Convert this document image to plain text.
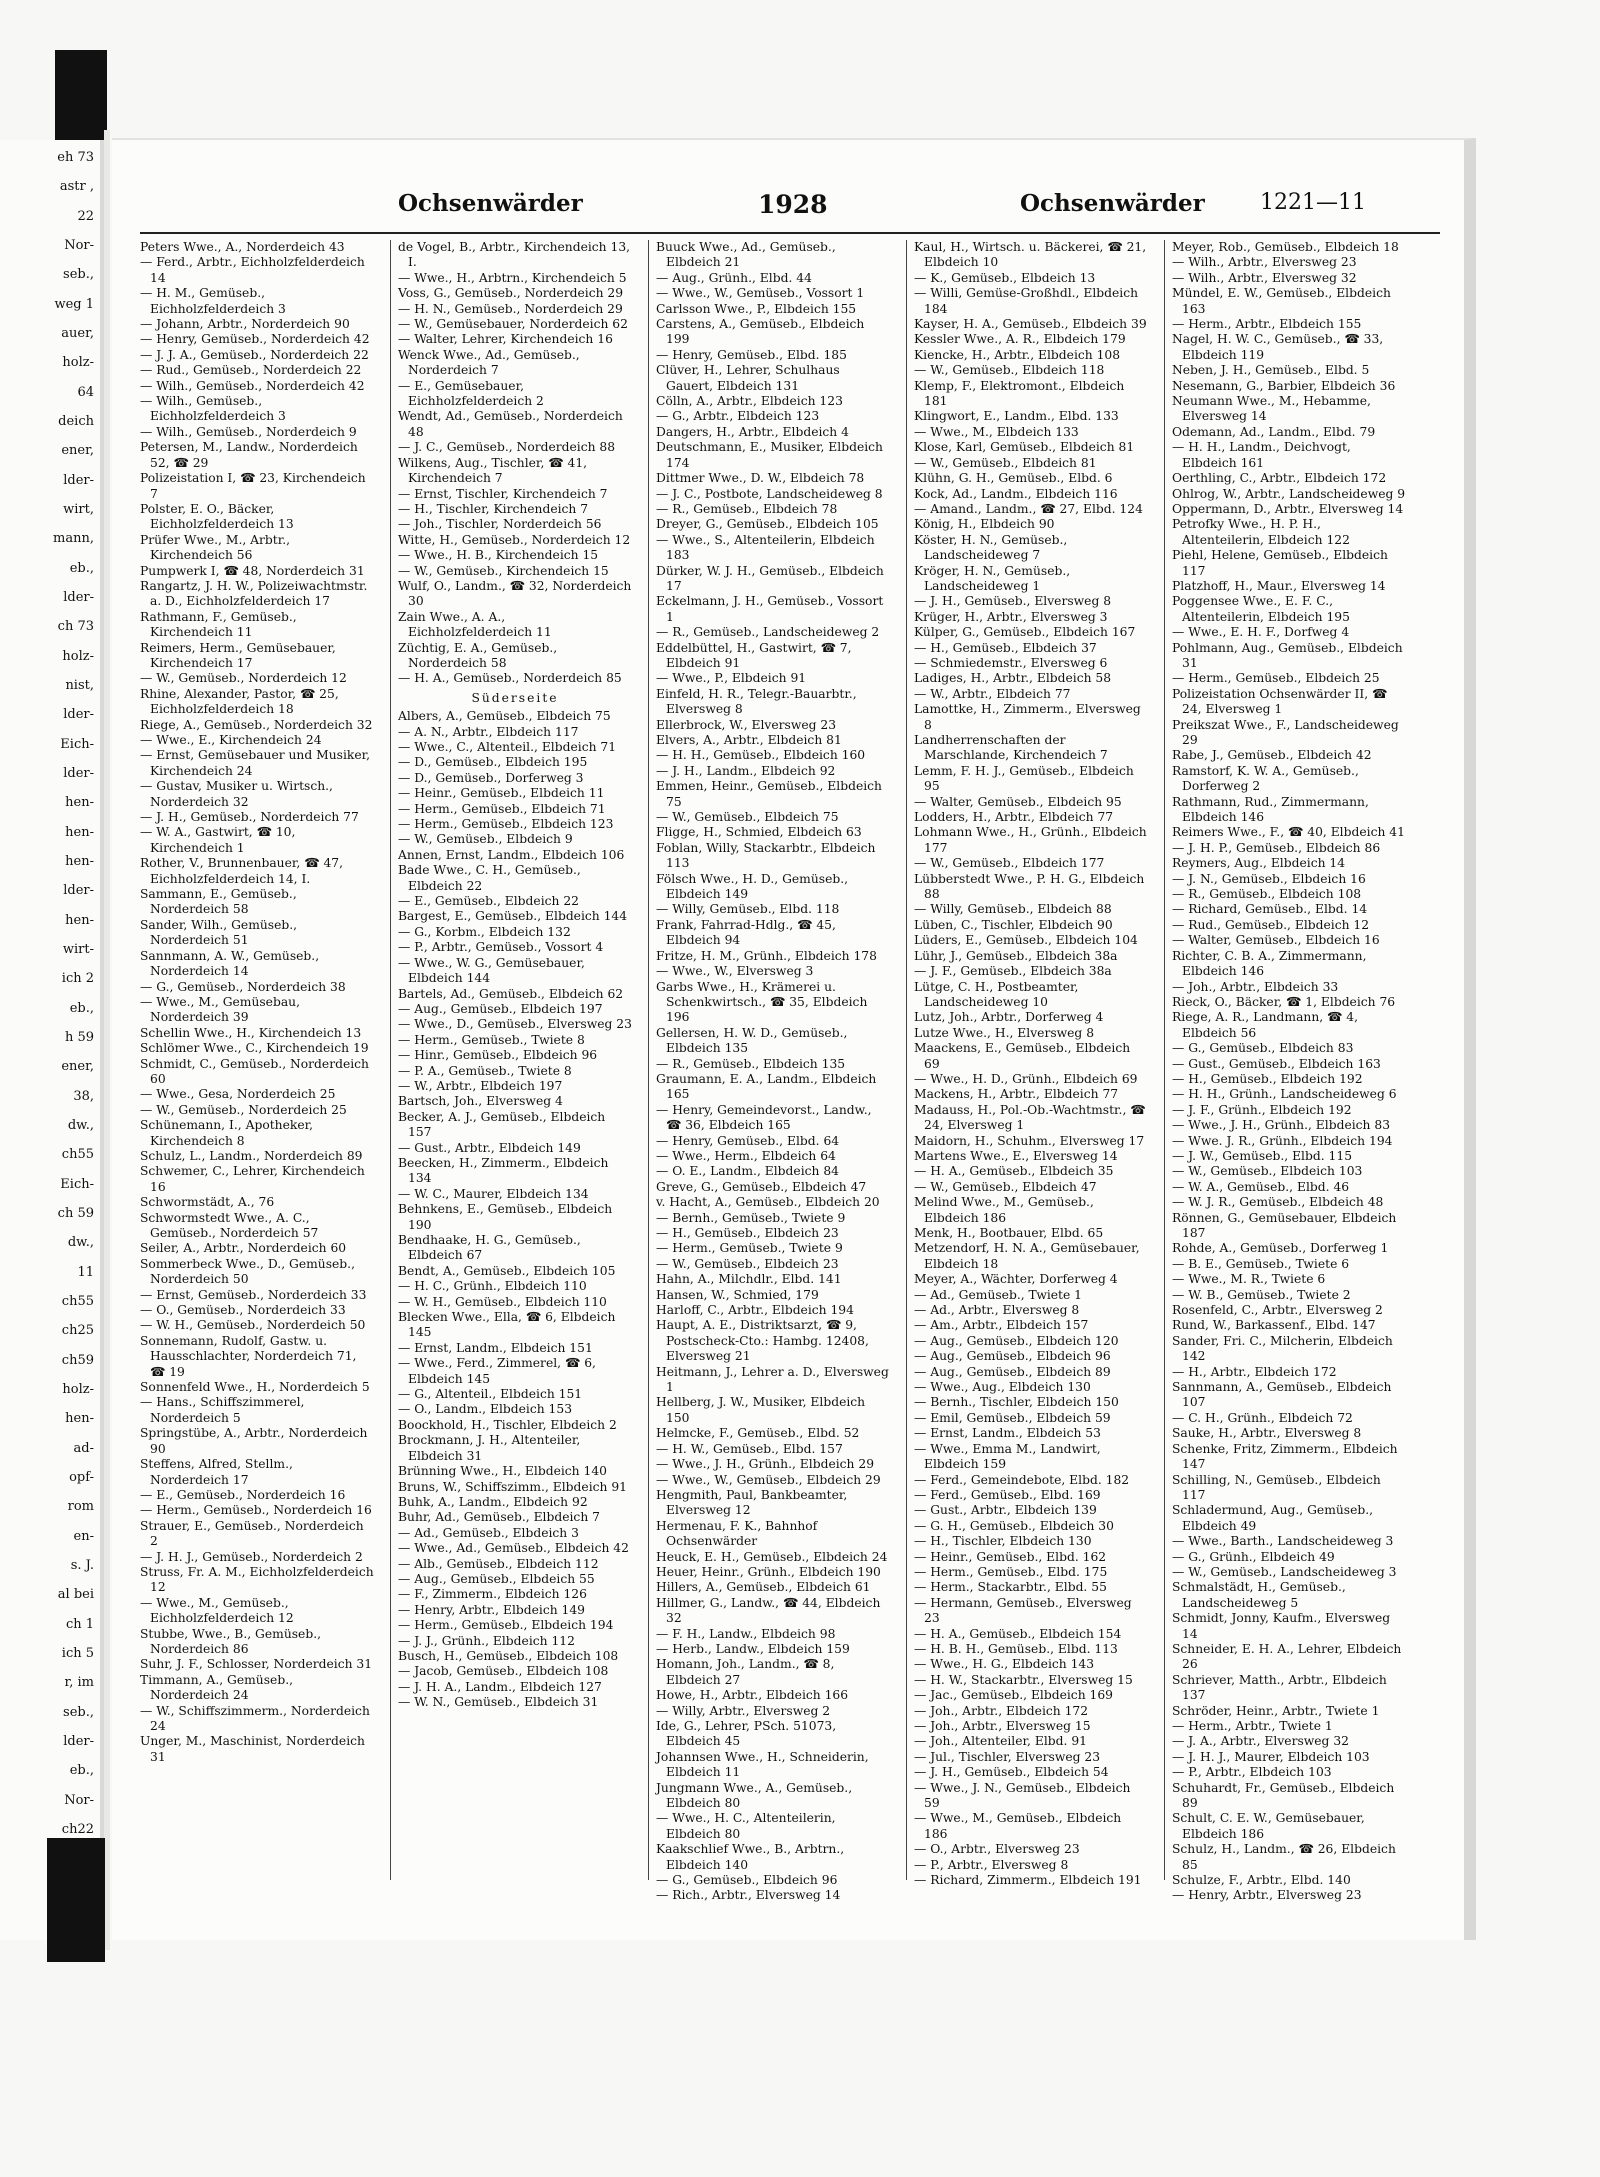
eh 73
astr ,
22
Nor-
seb.,
weg 1
auer,
holz-
64
deich
ener,
lder-
wirt,
mann,
eb.,
lder-
ch 73
holz-
nist,
lder-
Eich-
lder-
hen-
hen-
hen-
lder-
hen-
wirt-
ich 2
eb.,
h 59
ener,
38,
dw.,
ch55
Eich-
ch 59
dw.,
11
ch55
ch25
ch59
holz-
hen-
ad-
opf-
rom
en-
s. J.
al bei
ch 1
ich 5
r, im
seb.,
lder-
eb.,
Nor-
ch22
Ochsenwärder	1928	Ochsenwärder	1221—11

Peters Wwe., A., Norderdeich 43

— Ferd., Arbtr., Eichholzfelderdeich 14

— H. M., Gemüseb., Eichholzfelderdeich 3

— Johann, Arbtr., Norderdeich 90

— Henry, Gemüseb., Norderdeich 42

— J. J. A., Gemüseb., Norderdeich 22

— Rud., Gemüseb., Norderdeich 22

— Wilh., Gemüseb., Norderdeich 42

— Wilh., Gemüseb., Eichholzfelderdeich 3

— Wilh., Gemüseb., Norderdeich 9

Petersen, M., Landw., Norderdeich 52, ☎ 29

Polizeistation I, ☎ 23, Kirchendeich 7

Polster, E. O., Bäcker, Eichholzfelderdeich 13

Prüfer Wwe., M., Arbtr., Kirchendeich 56

Pumpwerk I, ☎ 48, Norderdeich 31

Rangartz, J. H. W., Polizeiwachtmstr. a. D., Eichholzfelderdeich 17

Rathmann, F., Gemüseb., Kirchendeich 11

Reimers, Herm., Gemüsebauer, Kirchendeich 17

— W., Gemüseb., Norderdeich 12

Rhine, Alexander, Pastor, ☎ 25, Eichholzfelderdeich 18

Riege, A., Gemüseb., Norderdeich 32

— Wwe., E., Kirchendeich 24

— Ernst, Gemüsebauer und Musiker, Kirchendeich 24

— Gustav, Musiker u. Wirtsch., Norderdeich 32

— J. H., Gemüseb., Norderdeich 77

— W. A., Gastwirt, ☎ 10, Kirchendeich 1

Rother, V., Brunnenbauer, ☎ 47, Eichholzfelderdeich 14, I.

Sammann, E., Gemüseb., Norderdeich 58

Sander, Wilh., Gemüseb., Norderdeich 51

Sannmann, A. W., Gemüseb., Norderdeich 14

— G., Gemüseb., Norderdeich 38

— Wwe., M., Gemüsebau, Norderdeich 39

Schellin Wwe., H., Kirchendeich 13

Schlömer Wwe., C., Kirchendeich 19

Schmidt, C., Gemüseb., Norderdeich 60

— Wwe., Gesa, Norderdeich 25

— W., Gemüseb., Norderdeich 25

Schünemann, I., Apotheker, Kirchendeich 8

Schulz, L., Landm., Norderdeich 89

Schwemer, C., Lehrer, Kirchendeich 16

Schwormstädt, A., 76

Schwormstedt Wwe., A. C., Gemüseb., Norderdeich 57

Seiler, A., Arbtr., Norderdeich 60

Sommerbeck Wwe., D., Gemüseb., Norderdeich 50

— Ernst, Gemüseb., Norderdeich 33

— O., Gemüseb., Norderdeich 33

— W. H., Gemüseb., Norderdeich 50

Sonnemann, Rudolf, Gastw. u. Hausschlachter, Norderdeich 71, ☎ 19

Sonnenfeld Wwe., H., Norderdeich 5

— Hans., Schiffszimmerel, Norderdeich 5

Springstübe, A., Arbtr., Norderdeich 90

Steffens, Alfred, Stellm., Norderdeich 17

— E., Gemüseb., Norderdeich 16

— Herm., Gemüseb., Norderdeich 16

Strauer, E., Gemüseb., Norderdeich 2

— J. H. J., Gemüseb., Norderdeich 2

Struss, Fr. A. M., Eichholzfelderdeich 12

— Wwe., M., Gemüseb., Eichholzfelderdeich 12

Stubbe, Wwe., B., Gemüseb., Norderdeich 86

Suhr, J. F., Schlosser, Norderdeich 31

Timmann, A., Gemüseb., Norderdeich 24

— W., Schiffszimmerm., Norderdeich 24

Unger, M., Maschinist, Norderdeich 31

de Vogel, B., Arbtr., Kirchendeich 13, I.

— Wwe., H., Arbtrn., Kirchendeich 5

Voss, G., Gemüseb., Norderdeich 29

— H. N., Gemüseb., Norderdeich 29

— W., Gemüsebauer, Norderdeich 62

— Walter, Lehrer, Kirchendeich 16

Wenck Wwe., Ad., Gemüseb., Norderdeich 7

— E., Gemüsebauer, Eichholzfelderdeich 2

Wendt, Ad., Gemüseb., Norderdeich 48

— J. C., Gemüseb., Norderdeich 88

Wilkens, Aug., Tischler, ☎ 41, Kirchendeich 7

— Ernst, Tischler, Kirchendeich 7

— H., Tischler, Kirchendeich 7

— Joh., Tischler, Norderdeich 56

Witte, H., Gemüseb., Norderdeich 12

— Wwe., H. B., Kirchendeich 15

— W., Gemüseb., Kirchendeich 15

Wulf, O., Landm., ☎ 32, Norderdeich 30

Zain Wwe., A. A., Eichholzfelderdeich 11

Züchtig, E. A., Gemüseb., Norderdeich 58

— H. A., Gemüseb., Norderdeich 85

Süderseite

Albers, A., Gemüseb., Elbdeich 75

— A. N., Arbtr., Elbdeich 117

— Wwe., C., Altenteil., Elbdeich 71

— D., Gemüseb., Elbdeich 195

— D., Gemüseb., Dorferweg 3

— Heinr., Gemüseb., Elbdeich 11

— Herm., Gemüseb., Elbdeich 71

— Herm., Gemüseb., Elbdeich 123

— W., Gemüseb., Elbdeich 9

Annen, Ernst, Landm., Elbdeich 106

Bade Wwe., C. H., Gemüseb., Elbdeich 22

— E., Gemüseb., Elbdeich 22

Bargest, E., Gemüseb., Elbdeich 144

— G., Korbm., Elbdeich 132

— P., Arbtr., Gemüseb., Vossort 4

— Wwe., W. G., Gemüsebauer, Elbdeich 144

Bartels, Ad., Gemüseb., Elbdeich 62

— Aug., Gemüseb., Elbdeich 197

— Wwe., D., Gemüseb., Elversweg 23

— Herm., Gemüseb., Twiete 8

— Hinr., Gemüseb., Elbdeich 96

— P. A., Gemüseb., Twiete 8

— W., Arbtr., Elbdeich 197

Bartsch, Joh., Elversweg 4

Becker, A. J., Gemüseb., Elbdeich 157

— Gust., Arbtr., Elbdeich 149

Beecken, H., Zimmerm., Elbdeich 134

— W. C., Maurer, Elbdeich 134

Behnkens, E., Gemüseb., Elbdeich 190

Bendhaake, H. G., Gemüseb., Elbdeich 67

Bendt, A., Gemüseb., Elbdeich 105

— H. C., Grünh., Elbdeich 110

— W. H., Gemüseb., Elbdeich 110

Blecken Wwe., Ella, ☎ 6, Elbdeich 145

— Ernst, Landm., Elbdeich 151

— Wwe., Ferd., Zimmerel, ☎ 6, Elbdeich 145

— G., Altenteil., Elbdeich 151

— O., Landm., Elbdeich 153

Boockhold, H., Tischler, Elbdeich 2

Brockmann, J. H., Altenteiler, Elbdeich 31

Brünning Wwe., H., Elbdeich 140

Bruns, W., Schiffszimm., Elbdeich 91

Buhk, A., Landm., Elbdeich 92

Buhr, Ad., Gemüseb., Elbdeich 7

— Ad., Gemüseb., Elbdeich 3

— Wwe., Ad., Gemüseb., Elbdeich 42

— Alb., Gemüseb., Elbdeich 112

— Aug., Gemüseb., Elbdeich 55

— F., Zimmerm., Elbdeich 126

— Henry, Arbtr., Elbdeich 149

— Herm., Gemüseb., Elbdeich 194

— J. J., Grünh., Elbdeich 112

Busch, H., Gemüseb., Elbdeich 108

— Jacob, Gemüseb., Elbdeich 108

— J. H. A., Landm., Elbdeich 127

— W. N., Gemüseb., Elbdeich 31

Buuck Wwe., Ad., Gemüseb., Elbdeich 21

— Aug., Grünh., Elbd. 44

— Wwe., W., Gemüseb., Vossort 1

Carlsson Wwe., P., Elbdeich 155

Carstens, A., Gemüseb., Elbdeich 199

— Henry, Gemüseb., Elbd. 185

Clüver, H., Lehrer, Schulhaus Gauert, Elbdeich 131

Cölln, A., Arbtr., Elbdeich 123

— G., Arbtr., Elbdeich 123

Dangers, H., Arbtr., Elbdeich 4

Deutschmann, E., Musiker, Elbdeich 174

Dittmer Wwe., D. W., Elbdeich 78

— J. C., Postbote, Landscheideweg 8

— R., Gemüseb., Elbdeich 78

Dreyer, G., Gemüseb., Elbdeich 105

— Wwe., S., Altenteilerin, Elbdeich 183

Dürker, W. J. H., Gemüseb., Elbdeich 17

Eckelmann, J. H., Gemüseb., Vossort 1

— R., Gemüseb., Landscheideweg 2

Eddelbüttel, H., Gastwirt, ☎ 7, Elbdeich 91

— Wwe., P., Elbdeich 91

Einfeld, H. R., Telegr.-Bauarbtr., Elversweg 8

Ellerbrock, W., Elversweg 23

Elvers, A., Arbtr., Elbdeich 81

— H. H., Gemüseb., Elbdeich 160

— J. H., Landm., Elbdeich 92

Emmen, Heinr., Gemüseb., Elbdeich 75

— W., Gemüseb., Elbdeich 75

Fligge, H., Schmied, Elbdeich 63

Foblan, Willy, Stackarbtr., Elbdeich 113

Fölsch Wwe., H. D., Gemüseb., Elbdeich 149

— Willy, Gemüseb., Elbd. 118

Frank, Fahrrad-Hdlg., ☎ 45, Elbdeich 94

Fritze, H. M., Grünh., Elbdeich 178

— Wwe., W., Elversweg 3

Garbs Wwe., H., Krämerei u. Schenkwirtsch., ☎ 35, Elbdeich 196

Gellersen, H. W. D., Gemüseb., Elbdeich 135

— R., Gemüseb., Elbdeich 135

Graumann, E. A., Landm., Elbdeich 165

— Henry, Gemeindevorst., Landw., ☎ 36, Elbdeich 165

— Henry, Gemüseb., Elbd. 64

— Wwe., Herm., Elbdeich 64

— O. E., Landm., Elbdeich 84

Greve, G., Gemüseb., Elbdeich 47

v. Hacht, A., Gemüseb., Elbdeich 20

— Bernh., Gemüseb., Twiete 9

— H., Gemüseb., Elbdeich 23

— Herm., Gemüseb., Twiete 9

— W., Gemüseb., Elbdeich 23

Hahn, A., Milchdlr., Elbd. 141

Hansen, W., Schmied, 179

Harloff, C., Arbtr., Elbdeich 194

Haupt, A. E., Distriktsarzt, ☎ 9, Postscheck-Cto.: Hambg. 12408, Elversweg 21

Heitmann, J., Lehrer a. D., Elversweg 1

Hellberg, J. W., Musiker, Elbdeich 150

Helmcke, F., Gemüseb., Elbd. 52

— H. W., Gemüseb., Elbd. 157

— Wwe., J. H., Grünh., Elbdeich 29

— Wwe., W., Gemüseb., Elbdeich 29

Hengmith, Paul, Bankbeamter, Elversweg 12

Hermenau, F. K., Bahnhof Ochsenwärder

Heuck, E. H., Gemüseb., Elbdeich 24

Heuer, Heinr., Grünh., Elbdeich 190

Hillers, A., Gemüseb., Elbdeich 61

Hillmer, G., Landw., ☎ 44, Elbdeich 32

— F. H., Landw., Elbdeich 98

— Herb., Landw., Elbdeich 159

Homann, Joh., Landm., ☎ 8, Elbdeich 27

Howe, H., Arbtr., Elbdeich 166

— Willy, Arbtr., Elversweg 2

Ide, G., Lehrer, PSch. 51073, Elbdeich 45

Johannsen Wwe., H., Schneiderin, Elbdeich 11

Jungmann Wwe., A., Gemüseb., Elbdeich 80

— Wwe., H. C., Altenteilerin, Elbdeich 80

Kaakschlief Wwe., B., Arbtrn., Elbdeich 140

— G., Gemüseb., Elbdeich 96

— Rich., Arbtr., Elversweg 14

Kaul, H., Wirtsch. u. Bäckerei, ☎ 21, Elbdeich 10

— K., Gemüseb., Elbdeich 13

— Willi, Gemüse-Großhdl., Elbdeich 184

Kayser, H. A., Gemüseb., Elbdeich 39

Kessler Wwe., A. R., Elbdeich 179

Kiencke, H., Arbtr., Elbdeich 108

— W., Gemüseb., Elbdeich 118

Klemp, F., Elektromont., Elbdeich 181

Klingwort, E., Landm., Elbd. 133

— Wwe., M., Elbdeich 133

Klose, Karl, Gemüseb., Elbdeich 81

— W., Gemüseb., Elbdeich 81

Klühn, G. H., Gemüseb., Elbd. 6

Kock, Ad., Landm., Elbdeich 116

— Amand., Landm., ☎ 27, Elbd. 124

König, H., Elbdeich 90

Köster, H. N., Gemüseb., Landscheideweg 7

Kröger, H. N., Gemüseb., Landscheideweg 1

— J. H., Gemüseb., Elversweg 8

Krüger, H., Arbtr., Elversweg 3

Külper, G., Gemüseb., Elbdeich 167

— H., Gemüseb., Elbdeich 37

— Schmiedemstr., Elversweg 6

Ladiges, H., Arbtr., Elbdeich 58

— W., Arbtr., Elbdeich 77

Lamottke, H., Zimmerm., Elversweg 8

Landherrenschaften der Marschlande, Kirchendeich 7

Lemm, F. H. J., Gemüseb., Elbdeich 95

— Walter, Gemüseb., Elbdeich 95

Lodders, H., Arbtr., Elbdeich 77

Lohmann Wwe., H., Grünh., Elbdeich 177

— W., Gemüseb., Elbdeich 177

Lübberstedt Wwe., P. H. G., Elbdeich 88

— Willy, Gemüseb., Elbdeich 88

Lüben, C., Tischler, Elbdeich 90

Lüders, E., Gemüseb., Elbdeich 104

Lühr, J., Gemüseb., Elbdeich 38a

— J. F., Gemüseb., Elbdeich 38a

Lütge, C. H., Postbeamter, Landscheideweg 10

Lutz, Joh., Arbtr., Dorferweg 4

Lutze Wwe., H., Elversweg 8

Maackens, E., Gemüseb., Elbdeich 69

— Wwe., H. D., Grünh., Elbdeich 69

Mackens, H., Arbtr., Elbdeich 77

Madauss, H., Pol.-Ob.-Wachtmstr., ☎ 24, Elversweg 1

Maidorn, H., Schuhm., Elversweg 17

Martens Wwe., E., Elversweg 14

— H. A., Gemüseb., Elbdeich 35

— W., Gemüseb., Elbdeich 47

Melind Wwe., M., Gemüseb., Elbdeich 186

Menk, H., Bootbauer, Elbd. 65

Metzendorf, H. N. A., Gemüsebauer, Elbdeich 18

Meyer, A., Wächter, Dorferweg 4

— Ad., Gemüseb., Twiete 1

— Ad., Arbtr., Elversweg 8

— Am., Arbtr., Elbdeich 157

— Aug., Gemüseb., Elbdeich 120

— Aug., Gemüseb., Elbdeich 96

— Aug., Gemüseb., Elbdeich 89

— Wwe., Aug., Elbdeich 130

— Bernh., Tischler, Elbdeich 150

— Emil, Gemüseb., Elbdeich 59

— Ernst, Landm., Elbdeich 53

— Wwe., Emma M., Landwirt, Elbdeich 159

— Ferd., Gemeindebote, Elbd. 182

— Ferd., Gemüseb., Elbd. 169

— Gust., Arbtr., Elbdeich 139

— G. H., Gemüseb., Elbdeich 30

— H., Tischler, Elbdeich 130

— Heinr., Gemüseb., Elbd. 162

— Herm., Gemüseb., Elbd. 175

— Herm., Stackarbtr., Elbd. 55

— Hermann, Gemüseb., Elversweg 23

— H. A., Gemüseb., Elbdeich 154

— H. B. H., Gemüseb., Elbd. 113

— Wwe., H. G., Elbdeich 143

— H. W., Stackarbtr., Elversweg 15

— Jac., Gemüseb., Elbdeich 169

— Joh., Arbtr., Elbdeich 172

— Joh., Arbtr., Elversweg 15

— Joh., Altenteiler, Elbd. 91

— Jul., Tischler, Elversweg 23

— J. H., Gemüseb., Elbdeich 54

— Wwe., J. N., Gemüseb., Elbdeich 59

— Wwe., M., Gemüseb., Elbdeich 186

— O., Arbtr., Elversweg 23

— P., Arbtr., Elversweg 8

— Richard, Zimmerm., Elbdeich 191

Meyer, Rob., Gemüseb., Elbdeich 18

— Wilh., Arbtr., Elversweg 23

— Wilh., Arbtr., Elversweg 32

Mündel, E. W., Gemüseb., Elbdeich 163

— Herm., Arbtr., Elbdeich 155

Nagel, H. W. C., Gemüseb., ☎ 33, Elbdeich 119

Neben, J. H., Gemüseb., Elbd. 5

Nesemann, G., Barbier, Elbdeich 36

Neumann Wwe., M., Hebamme, Elversweg 14

Odemann, Ad., Landm., Elbd. 79

— H. H., Landm., Deichvogt, Elbdeich 161

Oerthling, C., Arbtr., Elbdeich 172

Ohlrog, W., Arbtr., Landscheideweg 9

Oppermann, D., Arbtr., Elversweg 14

Petrofky Wwe., H. P. H., Altenteilerin, Elbdeich 122

Piehl, Helene, Gemüseb., Elbdeich 117

Platzhoff, H., Maur., Elversweg 14

Poggensee Wwe., E. F. C., Altenteilerin, Elbdeich 195

— Wwe., E. H. F., Dorfweg 4

Pohlmann, Aug., Gemüseb., Elbdeich 31

— Herm., Gemüseb., Elbdeich 25

Polizeistation Ochsenwärder II, ☎ 24, Elversweg 1

Preikszat Wwe., F., Landscheideweg 29

Rabe, J., Gemüseb., Elbdeich 42

Ramstorf, K. W. A., Gemüseb., Dorferweg 2

Rathmann, Rud., Zimmermann, Elbdeich 146

Reimers Wwe., F., ☎ 40, Elbdeich 41

— J. H. P., Gemüseb., Elbdeich 86

Reymers, Aug., Elbdeich 14

— J. N., Gemüseb., Elbdeich 16

— R., Gemüseb., Elbdeich 108

— Richard, Gemüseb., Elbd. 14

— Rud., Gemüseb., Elbdeich 12

— Walter, Gemüseb., Elbdeich 16

Richter, C. B. A., Zimmermann, Elbdeich 146

— Joh., Arbtr., Elbdeich 33

Rieck, O., Bäcker, ☎ 1, Elbdeich 76

Riege, A. R., Landmann, ☎ 4, Elbdeich 56

— G., Gemüseb., Elbdeich 83

— Gust., Gemüseb., Elbdeich 163

— H., Gemüseb., Elbdeich 192

— H. H., Grünh., Landscheideweg 6

— J. F., Grünh., Elbdeich 192

— Wwe., J. H., Grünh., Elbdeich 83

— Wwe. J. R., Grünh., Elbdeich 194

— J. W., Gemüseb., Elbd. 115

— W., Gemüseb., Elbdeich 103

— W. A., Gemüseb., Elbd. 46

— W. J. R., Gemüseb., Elbdeich 48

Rönnen, G., Gemüsebauer, Elbdeich 187

Rohde, A., Gemüseb., Dorferweg 1

— B. E., Gemüseb., Twiete 6

— Wwe., M. R., Twiete 6

— W. B., Gemüseb., Twiete 2

Rosenfeld, C., Arbtr., Elversweg 2

Rund, W., Barkassenf., Elbd. 147

Sander, Fri. C., Milcherin, Elbdeich 142

— H., Arbtr., Elbdeich 172

Sannmann, A., Gemüseb., Elbdeich 107

— C. H., Grünh., Elbdeich 72

Sauke, H., Arbtr., Elversweg 8

Schenke, Fritz, Zimmerm., Elbdeich 147

Schilling, N., Gemüseb., Elbdeich 117

Schladermund, Aug., Gemüseb., Elbdeich 49

— Wwe., Barth., Landscheideweg 3

— G., Grünh., Elbdeich 49

— W., Gemüseb., Landscheideweg 3

Schmalstädt, H., Gemüseb., Landscheideweg 5

Schmidt, Jonny, Kaufm., Elversweg 14

Schneider, E. H. A., Lehrer, Elbdeich 26

Schriever, Matth., Arbtr., Elbdeich 137

Schröder, Heinr., Arbtr., Twiete 1

— Herm., Arbtr., Twiete 1

— J. A., Arbtr., Elversweg 32

— J. H. J., Maurer, Elbdeich 103

— P., Arbtr., Elbdeich 103

Schuhardt, Fr., Gemüseb., Elbdeich 89

Schult, C. E. W., Gemüsebauer, Elbdeich 186

Schulz, H., Landm., ☎ 26, Elbdeich 85

Schulze, F., Arbtr., Elbd. 140

— Henry, Arbtr., Elversweg 23
